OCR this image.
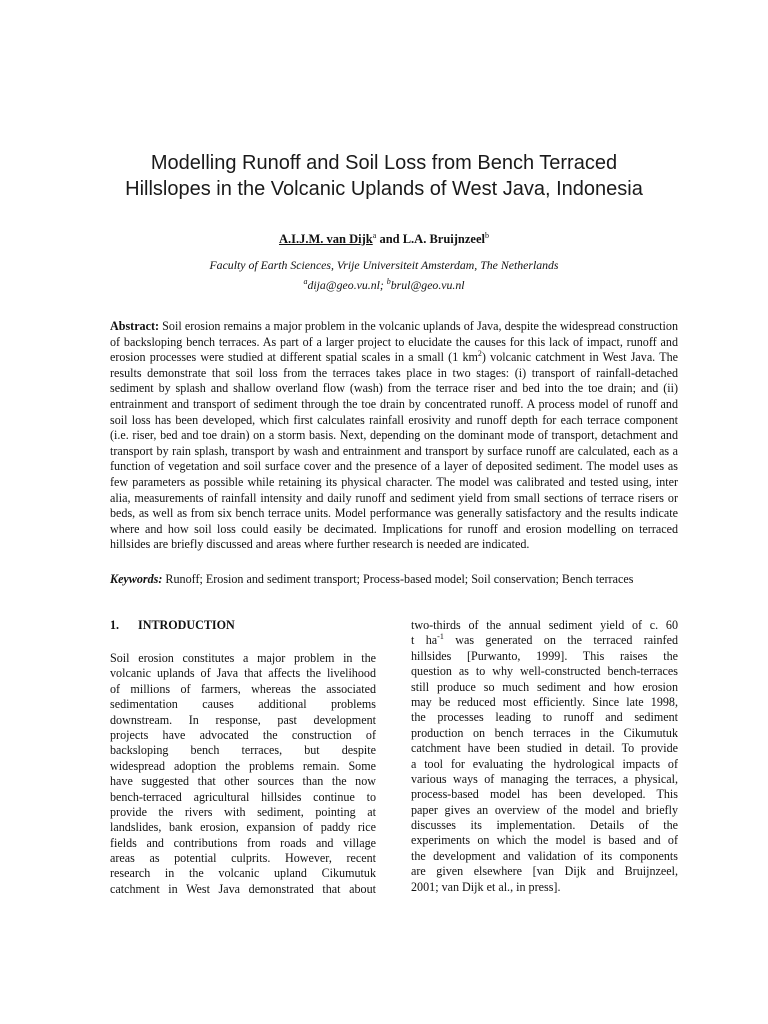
Modelling Runoff and Soil Loss from Bench Terraced
Hillslopes in the Volcanic Uplands of West Java, Indonesia
A.I.J.M. van Dijk$^a$ and L.A. Bruijnzeel$^b$
Faculty of Earth Sciences, Vrije Universiteit Amsterdam, The Netherlands
$^a$dija@geo.vu.nl; $^b$brul@geo.vu.nl
Abstract: Soil erosion remains a major problem in the volcanic uplands of Java, despite the widespread construction of backsloping bench terraces. As part of a larger project to elucidate the causes for this lack of impact, runoff and erosion processes were studied at different spatial scales in a small (1 $km^2$) volcanic catchment in West Java. The results demonstrate that soil loss from the terraces takes place in two stages: (i) transport of rainfall-detached sediment by splash and shallow overland flow (wash) from the terrace riser and bed into the toe drain; and (ii) entrainment and transport of sediment through the toe drain by concentrated runoff. A process model of runoff and soil loss has been developed, which first calculates rainfall erosivity and runoff depth for each terrace component (i.e. riser, bed and toe drain) on a storm basis. Next, depending on the dominant mode of transport, detachment and transport by rain splash, transport by wash and entrainment and transport by surface runoff are calculated, each as a function of vegetation and soil surface cover and the presence of a layer of deposited sediment. The model uses as few parameters as possible while retaining its physical character. The model was calibrated and tested using, inter alia, measurements of rainfall intensity and daily runoff and sediment yield from small sections of terrace risers or beds, as well as from six bench terrace units. Model performance was generally satisfactory and the results indicate where and how soil loss could easily be decimated. Implications for runoff and erosion modelling on terraced hillsides are briefly discussed and areas where further research is needed are indicated.
Keywords: Runoff; Erosion and sediment transport; Process-based model; Soil conservation; Bench terraces
1. INTRODUCTION
Soil erosion constitutes a major problem in the
volcanic uplands of Java that affects the livelihood
of millions of farmers, whereas the associated
sedimentation causes additional problems
downstream. In response, past development
projects have advocated the construction of
backsloping bench terraces, but despite
widespread adoption the problems remain. Some
have suggested that other sources than the now
bench-terraced agricultural hillsides continue to
provide the rivers with sediment, pointing at
landslides, bank erosion, expansion of paddy rice
fields and contributions from roads and village
areas as potential culprits. However, recent
research in the volcanic upland Cikumutuk
catchment in West Java demonstrated that about
two-thirds of the annual sediment yield of c. 60
t $ha^{-1}$ was generated on the terraced rainfed
hillsides [Purwanto, 1999]. This raises the
question as to why well-constructed bench-terraces
still produce so much sediment and how erosion
may be reduced most efficiently. Since late 1998,
the processes leading to runoff and sediment
production on bench terraces in the Cikumutuk
catchment have been studied in detail. To provide
a tool for evaluating the hydrological impacts of
various ways of managing the terraces, a physical,
process-based model has been developed. This
paper gives an overview of the model and briefly
discusses its implementation. Details of the
experiments on which the model is based and of
the development and validation of its components
are given elsewhere [van Dijk and Bruijnzeel,
2001; van Dijk et al., in press].
